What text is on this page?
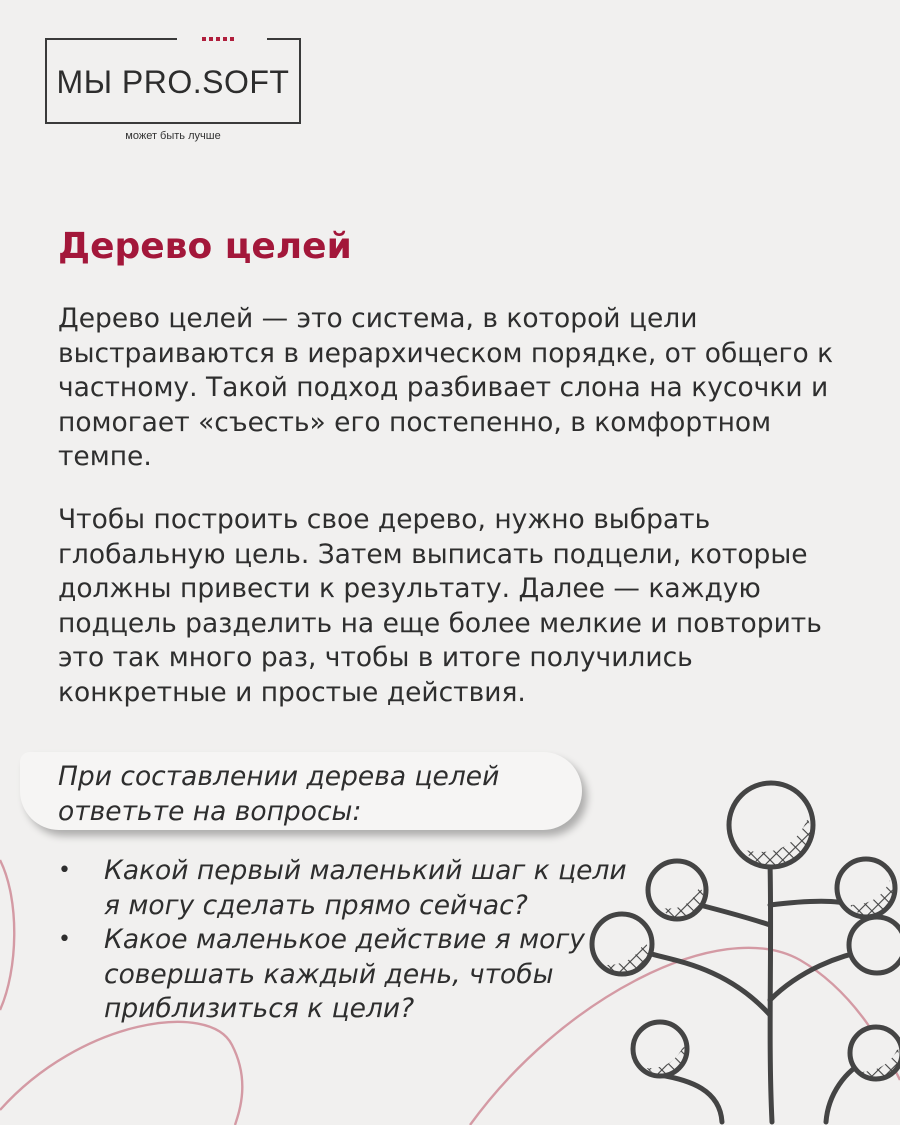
МЫ PRO.SOFT
может быть лучше
Дерево целей

Дерево целей — это система, в которой цели выстраиваются в иерархическом порядке, от общего к частному. Такой подход разбивает слона на кусочки и помогает «съесть» его постепенно, в комфортном темпе.

Чтобы построить свое дерево, нужно выбрать глобальную цель. Затем выписать подцели, которые должны привести к результату. Далее — каждую подцель разделить на еще более мелкие и повторить это так много раз, чтобы в итоге получились конкретные и простые действия.

При составлении дерева целей ответьте на вопросы:
• Какой первый маленький шаг к цели я могу сделать прямо сейчас?
• Какое маленькое действие я могу совершать каждый день, чтобы приблизиться к цели?
